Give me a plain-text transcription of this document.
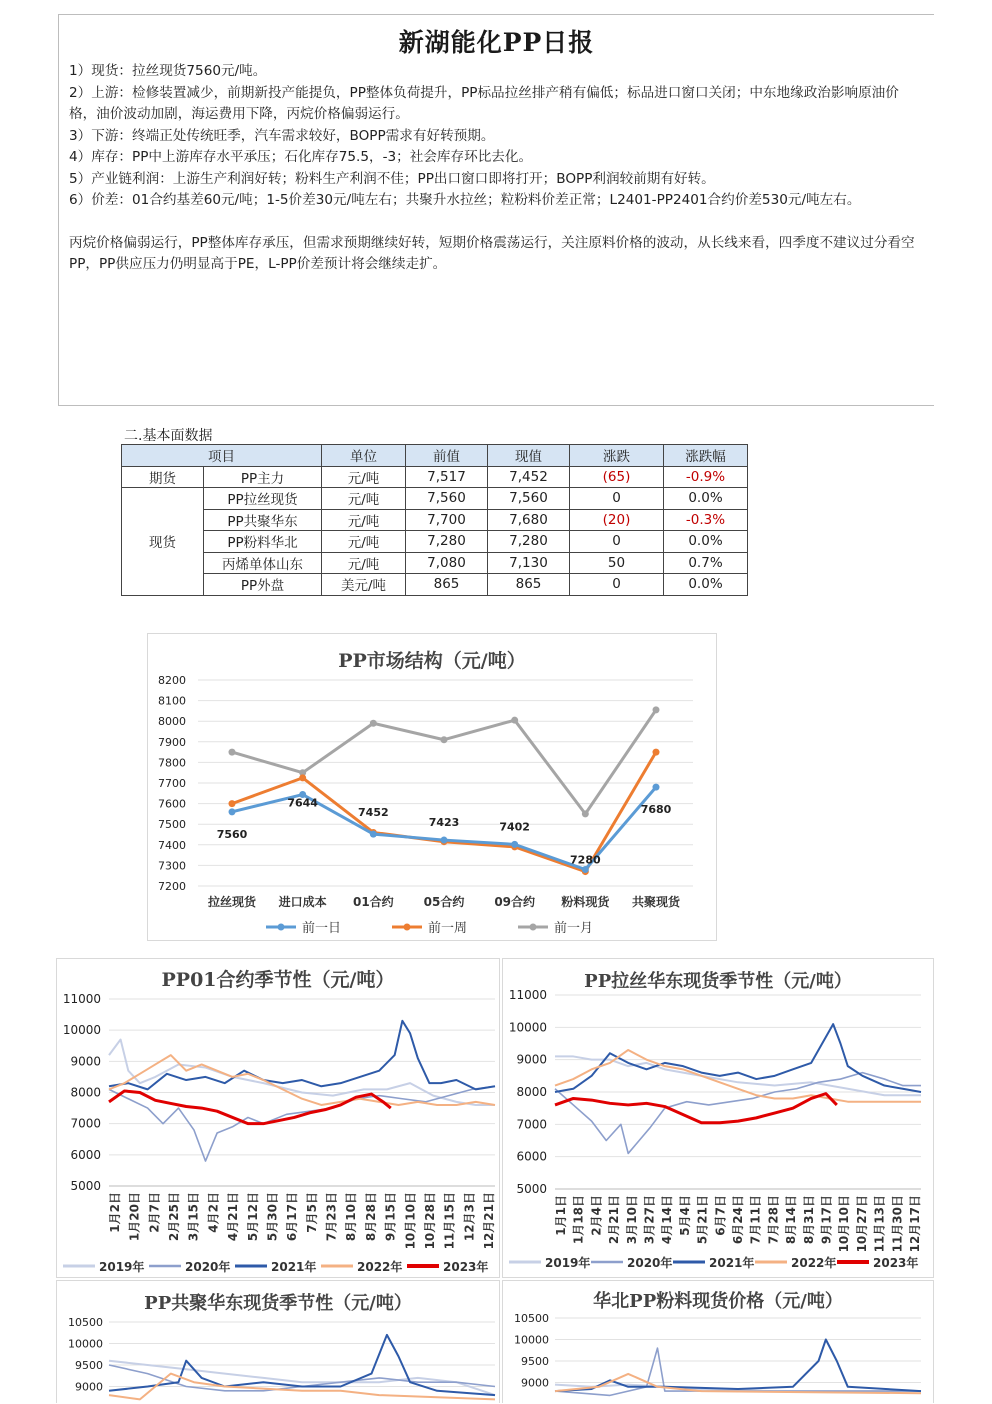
新湖能化PP日报

1）现货：拉丝现货7560元/吨。

2）上游：检修装置减少，前期新投产能提负，PP整体负荷提升，PP标品拉丝排产稍有偏低；标品进口窗口关闭；中东地缘政治影响原油价格，油价波动加剧，海运费用下降，丙烷价格偏弱运行。

3）下游：终端正处传统旺季，汽车需求较好，BOPP需求有好转预期。

4）库存：PP中上游库存水平承压；石化库存75.5，-3；社会库存环比去化。

5）产业链利润：上游生产利润好转；粉料生产利润不佳；PP出口窗口即将打开；BOPP利润较前期有好转。

6）价差：01合约基差60元/吨；1-5价差30元/吨左右；共聚升水拉丝；粒粉料价差正常；L2401-PP2401合约价差530元/吨左右。

丙烷价格偏弱运行，PP整体库存承压，但需求预期继续好转，短期价格震荡运行，关注原料价格的波动，从长线来看，四季度不建议过分看空PP，PP供应压力仍明显高于PE，L-PP价差预计将会继续走扩。

二.基本面数据
项目		单位	前值	现值	涨跌	涨跌幅
期货	PP主力	元/吨	7,517	7,452	(65)	-0.9%
现货	PP拉丝现货	元/吨	7,560	7,560	0	0.0%
	PP共聚华东	元/吨	7,700	7,680	(20)	-0.3%
	PP粉料华北	元/吨	7,280	7,280	0	0.0%
	丙烯单体山东	元/吨	7,080	7,130	50	0.7%
	PP外盘	美元/吨	865	865	0	0.0%
PP市场结构（元/吨）
7200
7300
7400
7500
7600
7700
7800
7900
8000
8100
8200
拉丝现货 进口成本 01合约 05合约 09合约 粉料现货 共聚现货
7560
7644
7452
7423	7402
7280
7680
前一日	前一周	前一月
PP01合约季节性（元/吨）
5000
6000
7000
8000
9000
10000
11000
1月2日 1月20日 2月7日 2月25日 3月15日 4月2日 4月21日 5月12日 5月30日 6月17日 7月5日 7月23日 8月10日 8月28日 9月15日 10月10日 10月28日 11月15日 12月3日 12月21日
2019年	2020年	2021年	2022年	2023年
PP拉丝华东现货季节性（元/吨）
5000
6000
7000
8000
9000
10000
11000
1月1日 1月18日 2月4日 2月21日 3月10日 3月27日 4月14日 5月4日 5月21日 6月7日 6月24日 7月11日 7月28日 8月14日 8月31日 9月17日 10月10日 10月27日 11月13日 11月30日 12月17日
2019年	2020年	2021年	2022年	2023年
PP共聚华东现货季节性（元/吨）
9000
9500
10000
10500
华北PP粉料现货价格（元/吨）
9000
9500
10000
10500
